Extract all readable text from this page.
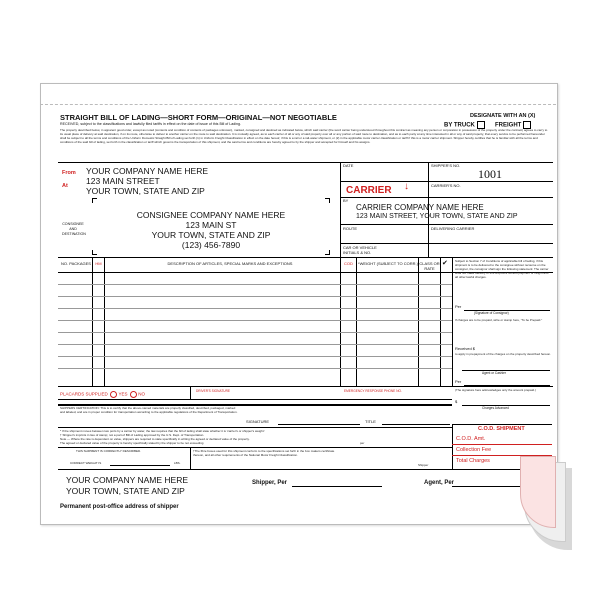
STRAIGHT BILL OF LADING—SHORT FORM—ORIGINAL—NOT NEGOTIABLE
RECEIVED, subject to the classifications and lawfully filed tariffs in effect on the date of issue of this Bill of Lading.
DESIGNATE WITH AN (X)
BY TRUCK	FREIGHT
The property described below, in apparent good order, except as noted (contents and condition of contents of packages unknown), marked, consigned and destined as indicated below, which said carrier (the word carrier being understood throughout this contract as meaning any person or corporation in possession of the property under the contract) agrees to carry to its usual place of delivery at said destination, if on its route, otherwise to deliver to another carrier on the route to said destination. It is mutually agreed, as to each carrier of all or any of said property over all or any portion of said route to destination, and as to each party at any time interested in all or any of said property, that every service to be performed hereunder shall be subject to all the terms and conditions of the Uniform Domestic Straight Bill of Lading set forth (1) in Uniform Freight Classification in effect on the date hereof, if this is a rail or a rail-water shipment, or (2) in the applicable motor carrier classification or tariff if this is a motor carrier shipment. Shipper hereby certifies that he is familiar with all the terms and conditions of the said bill of lading, set forth in the classification or tariff which governs the transportation of this shipment, and the said terms and conditions are hereby agreed to by the shipper and accepted for himself and his assigns.
From
At
YOUR COMPANY NAME HERE
123 MAIN STREET
YOUR TOWN, STATE AND ZIP
CONSIGNEE AND DESTINATION
CONSIGNEE COMPANY NAME HERE
123 MAIN ST
YOUR TOWN, STATE AND ZIP
(123) 456-7890
DATE	SHIPPER'S NO.
1001
CARRIER ↓	CARRIER'S NO.
BY
CARRIER COMPANY NAME HERE
123 MAIN STREET, YOUR TOWN, STATE AND ZIP
ROUTE	DELIVERING CARRIER
CAR OR VEHICLE INITIALS & NO.
NO. PACKAGES	HM	DESCRIPTION OF ARTICLES, SPECIAL MARKS AND EXCEPTIONS	COD	*WEIGHT (SUBJECT TO CORR.) CLASS OR RATE
✔ Subject to Section 7 of Conditions of applicable bill of lading, if this shipment is to be delivered to the consignee without recourse on the consignor, the consignor shall sign the following statement: The carrier shall not make delivery of this shipment without payment of freight and all other lawful charges.
Per
(Signature of Consignor)
If charges are to be prepaid, write or stamp here, "To be Prepaid."
Received $
to apply in prepayment of the charges on the property described hereon.
Agent or Cashier
Per
(The signature here acknowledges only the amount prepaid.)
$
Charges Advanced
PLACARDS SUPPLIED YES NO
DRIVER'S SIGNATURE	EMERGENCY RESPONSE PHONE NO.
SHIPPERS CERTIFICATION: This is to certify that the above-named materials are properly classified, described, packaged, marked and labeled, and are in proper condition for transportation according to the applicable regulations of the Department of Transportation.
SIGNATURE	TITLE
* If the shipment moves between two ports by a carrier by water, the law requires that the bill of lading shall state whether it is 'carrier's or shipper's weight.'
† Shipper's imprints in lieu of stamp; not a part of Bill of Lading approved by the U.S. Dept. of Transportation.
Note — Where the rate is dependent on value, shippers are required to state specifically in writing the agreed or declared value of the property.
The agreed or declared value of the property is hereby specifically stated by the shipper to be not exceeding	per
THIS SHIPMENT IS CORRECTLY DESCRIBED.
CORRECT WEIGHT IS	LBS.
†The fibre boxes used for this shipment conform to the specifications set forth in the box makers certificate thereon, and all other requirements of the National Motor Freight Classification.
Shipper
C.O.D. SHIPMENT
C.O.D. Amt.
Collection Fee
Total Charges
YOUR COMPANY NAME HERE
YOUR TOWN, STATE AND ZIP
Shipper, Per	Agent, Per
Permanent post-office address of shipper
